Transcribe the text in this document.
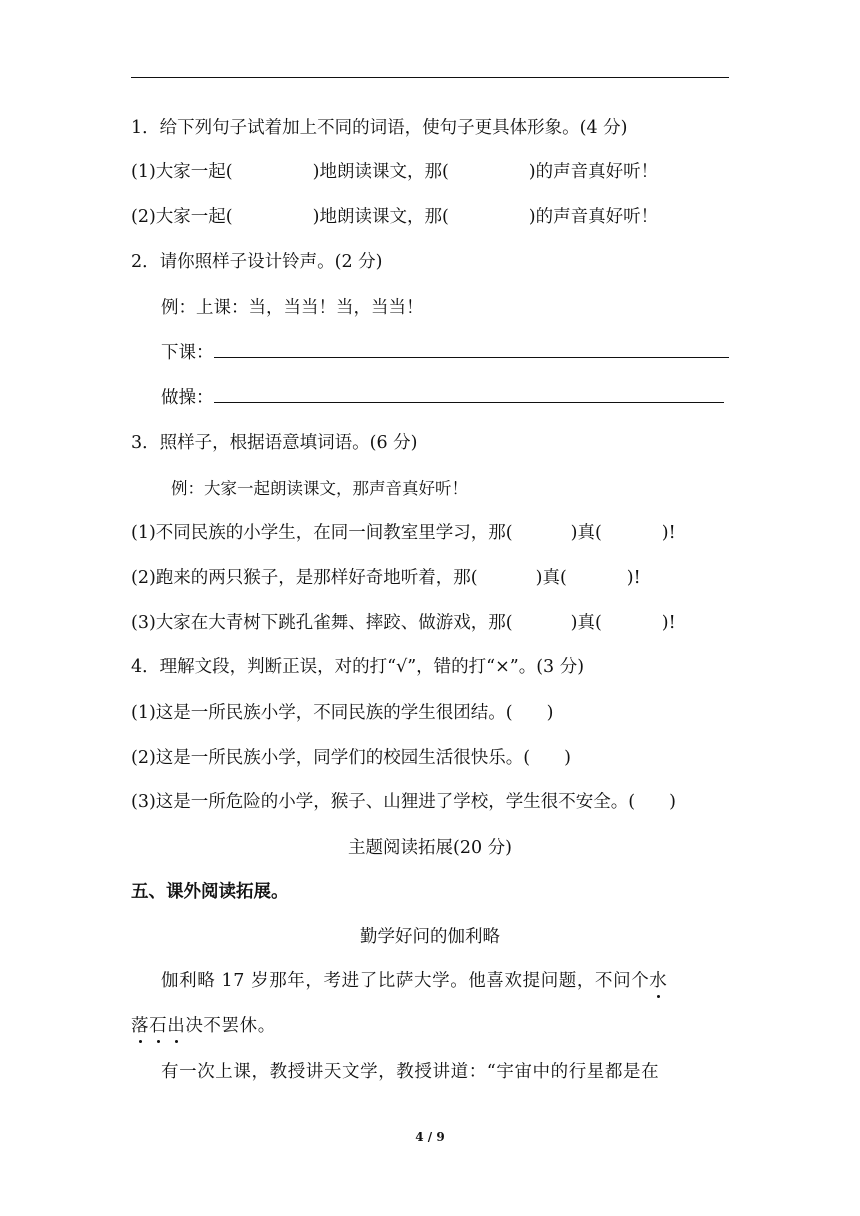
1．给下列句子试着加上不同的词语，使句子更具体形象。(4 分)
(1)大家一起(	)地朗读课文，那(	)的声音真好听！
(2)大家一起(	)地朗读课文，那(	)的声音真好听！
2．请你照样子设计铃声。(2 分)
例：上课：当，当当！当，当当！
下课：
做操：
3．照样子，根据语意填词语。(6 分)
例：大家一起朗读课文，那声音真好听！
(1)不同民族的小学生，在同一间教室里学习，那(	)真(	)!
(2)跑来的两只猴子，是那样好奇地听着，那(	)真(	)!
(3)大家在大青树下跳孔雀舞、摔跤、做游戏，那(	)真(	)!
4．理解文段，判断正误，对的打“√”，错的打“×”。(3 分)
(1)这是一所民族小学，不同民族的学生很团结。( )
(2)这是一所民族小学，同学们的校园生活很快乐。( )
(3)这是一所危险的小学，猴子、山狸进了学校，学生很不安全。( )
主题阅读拓展(20 分)
五、课外阅读拓展。
勤学好问的伽利略
伽利略 17 岁那年，考进了比萨大学。他喜欢提问题，不问个水
落
石
出
决不罢休。
有一次上课，教授讲天文学，教授讲道：“宇宙中的行星都是在
4 / 9
